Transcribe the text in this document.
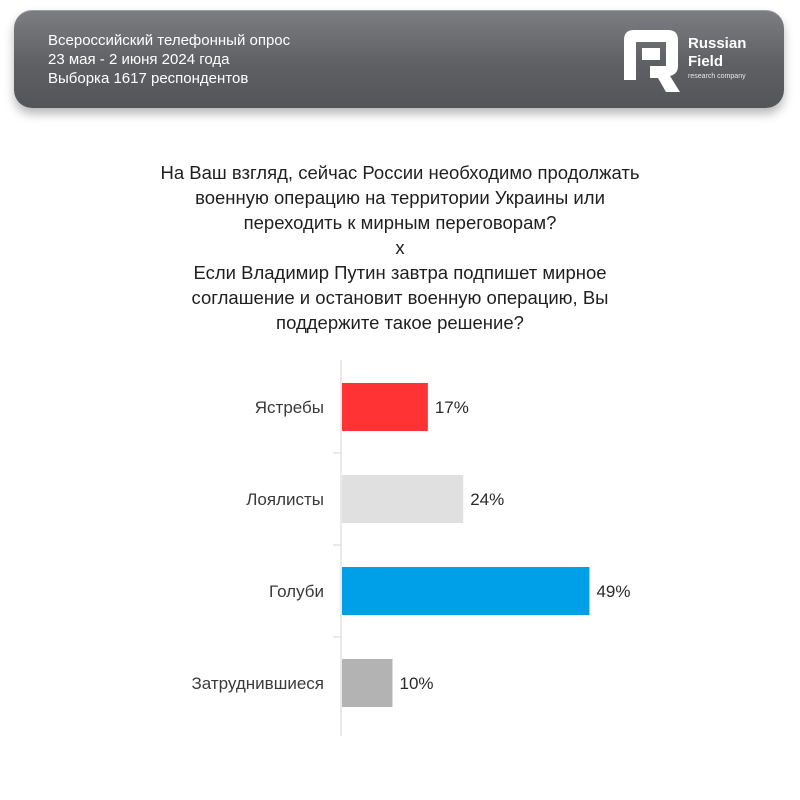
Всероссийский телефонный опрос
23 мая - 2 июня 2024 года
Выборка 1617 респондентов
Russian
Field
research company
На Ваш взгляд, сейчас России необходимо продолжать
военную операцию на территории Украины или
переходить к мирным переговорам?
х
Если Владимир Путин завтра подпишет мирное
соглашение и остановит военную операцию, Вы
поддержите такое решение?
Ястребы	17%
Лоялисты	24%
Голуби	49%
Затруднившиеся	10%
